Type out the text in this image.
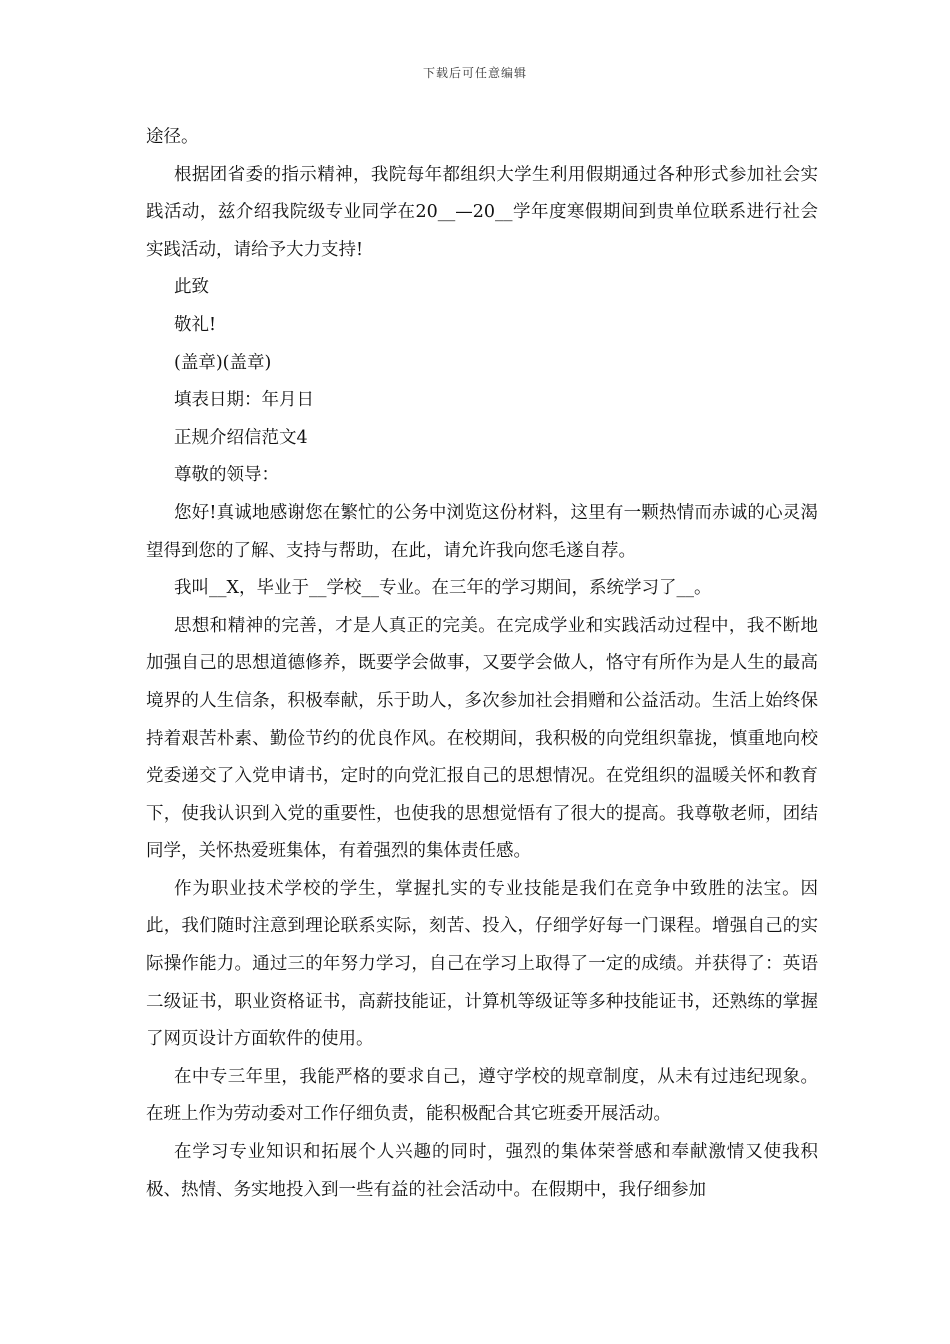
下载后可任意编辑

途径。

根据团省委的指示精神，我院每年都组织大学生利用假期通过各种形式参加社会实践活动，兹介绍我院级专业同学在20__—20__学年度寒假期间到贵单位联系进行社会实践活动，请给予大力支持!

此致

敬礼!

(盖章)(盖章)

填表日期：年月日

正规介绍信范文4

尊敬的领导：

您好!真诚地感谢您在繁忙的公务中浏览这份材料，这里有一颗热情而赤诚的心灵渴望得到您的了解、支持与帮助，在此，请允许我向您毛遂自荐。

我叫__X，毕业于__学校__专业。在三年的学习期间，系统学习了__。

思想和精神的完善，才是人真正的完美。在完成学业和实践活动过程中，我不断地加强自己的思想道德修养，既要学会做事，又要学会做人，恪守有所作为是人生的最高境界的人生信条，积极奉献，乐于助人，多次参加社会捐赠和公益活动。生活上始终保持着艰苦朴素、勤俭节约的优良作风。在校期间，我积极的向党组织靠拢，慎重地向校党委递交了入党申请书，定时的向党汇报自己的思想情况。在党组织的温暖关怀和教育下，使我认识到入党的重要性，也使我的思想觉悟有了很大的提高。我尊敬老师，团结同学，关怀热爱班集体，有着强烈的集体责任感。

作为职业技术学校的学生，掌握扎实的专业技能是我们在竞争中致胜的法宝。因此，我们随时注意到理论联系实际，刻苦、投入，仔细学好每一门课程。增强自己的实际操作能力。通过三的年努力学习，自己在学习上取得了一定的成绩。并获得了：英语二级证书，职业资格证书，高薪技能证，计算机等级证等多种技能证书，还熟练的掌握了网页设计方面软件的使用。

在中专三年里，我能严格的要求自己，遵守学校的规章制度，从未有过违纪现象。在班上作为劳动委对工作仔细负责，能积极配合其它班委开展活动。

在学习专业知识和拓展个人兴趣的同时，强烈的集体荣誉感和奉献激情又使我积极、热情、务实地投入到一些有益的社会活动中。在假期中，我仔细参加
